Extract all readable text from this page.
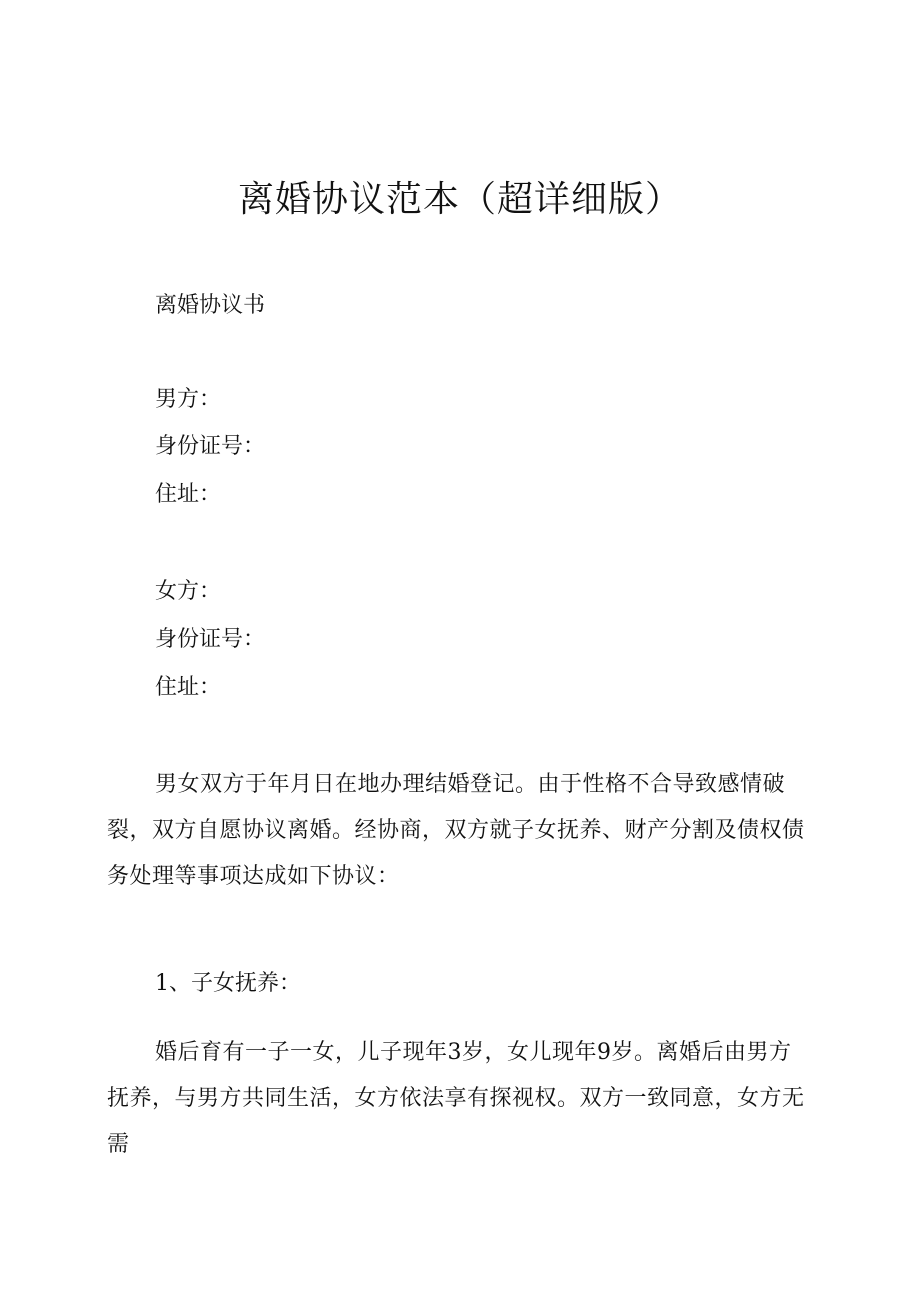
离婚协议范本（超详细版）
离婚协议书
男方：
身份证号：
住址：
女方：
身份证号：
住址：
男女双方于年月日在地办理结婚登记。由于性格不合导致感情破裂，双方自愿协议离婚。经协商，双方就子女抚养、财产分割及债权债务处理等事项达成如下协议：
1、子女抚养：
婚后育有一子一女，儿子现年3岁，女儿现年9岁。离婚后由男方抚养，与男方共同生活，女方依法享有探视权。双方一致同意，女方无需
